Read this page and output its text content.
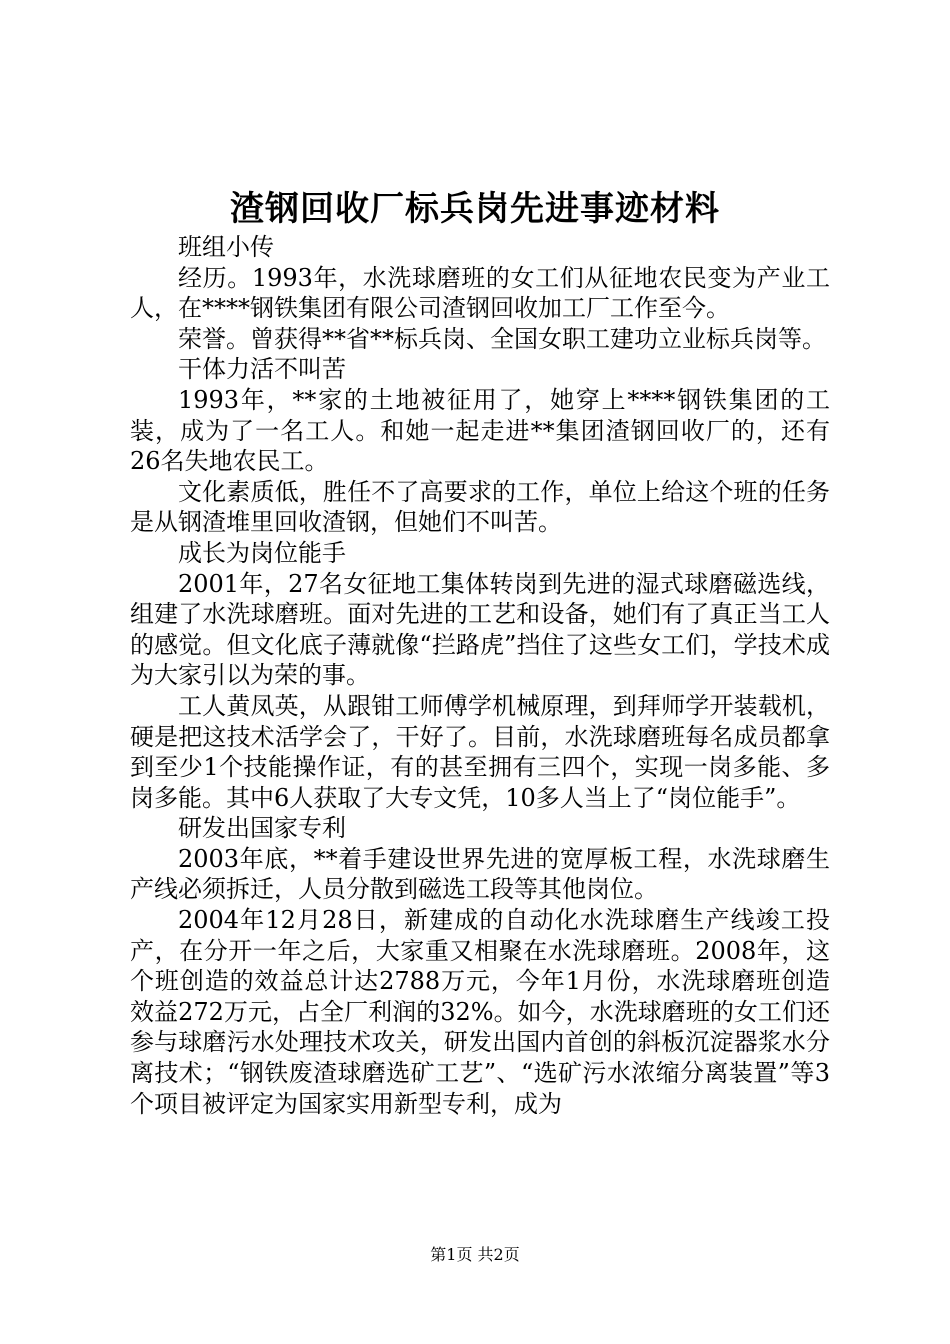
渣钢回收厂标兵岗先进事迹材料

班组小传

经历。1993年，水洗球磨班的女工们从征地农民变为产业工人，在****钢铁集团有限公司渣钢回收加工厂工作至今。

荣誉。曾获得**省**标兵岗、全国女职工建功立业标兵岗等。

干体力活不叫苦

1993年，**家的土地被征用了，她穿上****钢铁集团的工装，成为了一名工人。和她一起走进**集团渣钢回收厂的，还有26名失地农民工。

文化素质低，胜任不了高要求的工作，单位上给这个班的任务是从钢渣堆里回收渣钢，但她们不叫苦。

成长为岗位能手

2001年，27名女征地工集体转岗到先进的湿式球磨磁选线，组建了水洗球磨班。面对先进的工艺和设备，她们有了真正当工人的感觉。但文化底子薄就像“拦路虎”挡住了这些女工们，学技术成为大家引以为荣的事。

工人黄凤英，从跟钳工师傅学机械原理，到拜师学开装载机，硬是把这技术活学会了，干好了。目前，水洗球磨班每名成员都拿到至少1个技能操作证，有的甚至拥有三四个，实现一岗多能、多岗多能。其中6人获取了大专文凭，10多人当上了“岗位能手”。

研发出国家专利

2003年底，**着手建设世界先进的宽厚板工程，水洗球磨生产线必须拆迁，人员分散到磁选工段等其他岗位。

2004年12月28日，新建成的自动化水洗球磨生产线竣工投产，在分开一年之后，大家重又相聚在水洗球磨班。2008年，这个班创造的效益总计达2788万元，今年1月份，水洗球磨班创造效益272万元，占全厂利润的32%。如今，水洗球磨班的女工们还参与球磨污水处理技术攻关，研发出国内首创的斜板沉淀器浆水分离技术；“钢铁废渣球磨选矿工艺”、“选矿污水浓缩分离装置”等3个项目被评定为国家实用新型专利，成为

第1页 共2页
